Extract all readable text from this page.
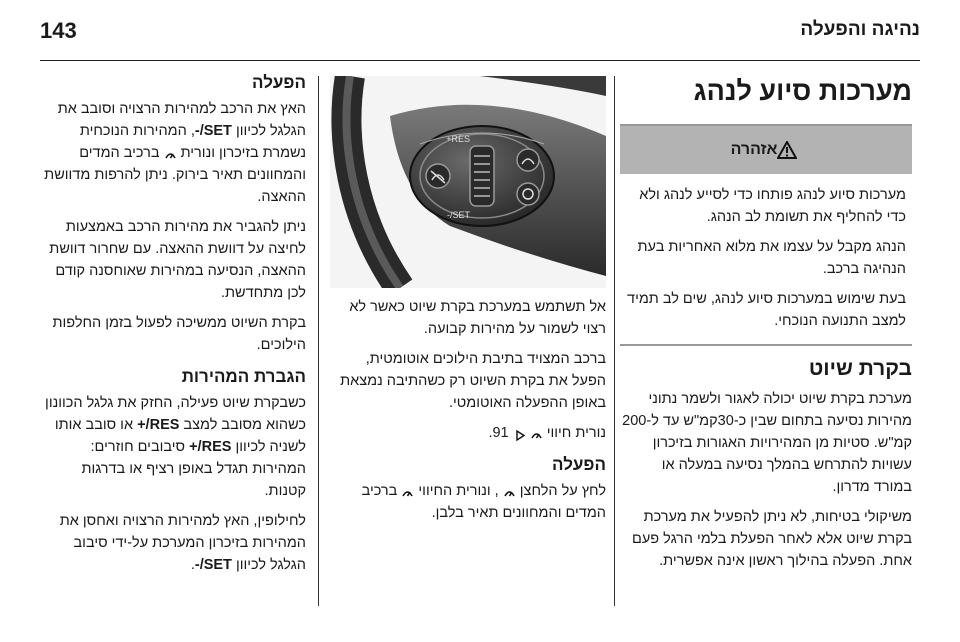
נהיגה והפעלה
143
מערכות סיוע לנהג
אזהרה

מערכות סיוע לנהג פותחו כדי לסייע לנהג ולא כדי להחליף את תשומת לב הנהג.

הנהג מקבל על עצמו את מלוא האחריות בעת הנהיגה ברכב.

בעת שימוש במערכות סיוע לנהג, שים לב תמיד למצב התנועה הנוכחי.

בקרת שיוט

מערכת בקרת שיוט יכולה לאגור ולשמר נתוני מהירות נסיעה בתחום שבין כ-30קמ"ש עד ל-200 קמ"ש. סטיות מן המהירויות האגורות בזיכרון עשויות להתרחש בהמלך נסיעה במעלה או במורד מדרון.

משיקולי בטיחות, לא ניתן להפעיל את מערכת בקרת שיוט אלא לאחר הפעלת בלמי הרגל פעם אחת. הפעלה בהילוך ראשון אינה אפשרית.

RES+
SET/-

אל תשתמש במערכת בקרת שיוט כאשר לא רצוי לשמור על מהירות קבועה.

ברכב המצויד בתיבת הילוכים אוטומטית, הפעל את בקרת השיוט רק כשהתיבה נמצאת באופן ההפעלה האוטומטי.

נורית חיווי   91.

הפעלה

לחץ על הלחצן  , ונורית החיווי  ברכיב המדים והמחוונים תאיר בלבן.

הפעלה

האץ את הרכב למהירות הרצויה וסובב את הגלגל לכיוון SET/-, המהירות הנוכחית נשמרת בזיכרון ונורית  ברכיב המדים והמחוונים תאיר בירוק. ניתן להרפות מדוושת ההאצה.

ניתן להגביר את מהירות הרכב באמצעות לחיצה על דוושת ההאצה. עם שחרור דוושת ההאצה, הנסיעה במהירות שאוחסנה קודם לכן מתחדשת.

בקרת השיוט ממשיכה לפעול בזמן החלפות הילוכים.

הגברת המהירות

כשבקרת שיוט פעילה, החזק את גלגל הכוונון כשהוא מסובב למצב RES/+ או סובב אותו לשניה לכיוון RES/+ סיבובים חוזרים: המהירות תגדל באופן רציף או בדרגות קטנות.

לחילופין, האץ למהירות הרצויה ואחסן את המהירות בזיכרון המערכת על-ידי סיבוב הגלגל לכיוון SET/-.
